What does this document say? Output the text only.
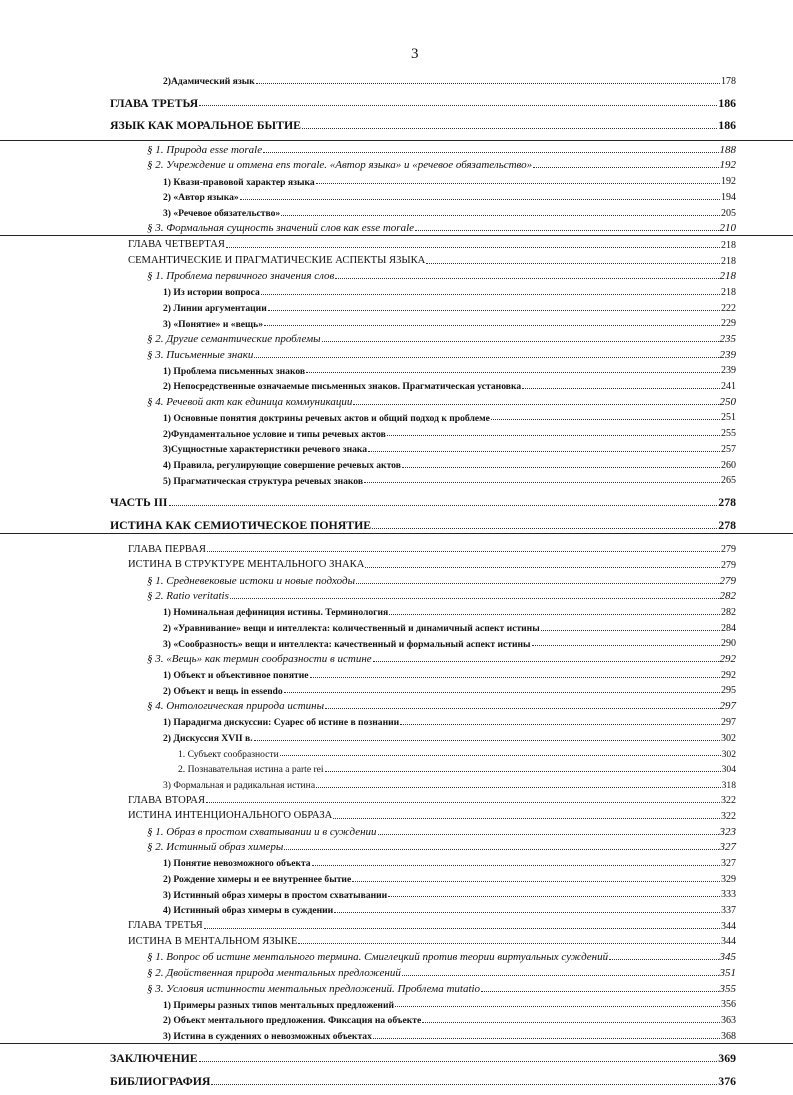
3
2)Адамический язык	178
ГЛАВА ТРЕТЬЯ	186
ЯЗЫК КАК МОРАЛЬНОЕ БЫТИЕ	186
§ 1. Природа esse morale	188
§ 2. Учреждение и отмена ens morale. «Автор языка» и «речевое обязательство»	192
1) Квази-правовой характер языка	192
2) «Автор языка»	194
3) «Речевое обязательство»	205
§ 3. Формальная сущность значений слов как esse morale	210
ГЛАВА ЧЕТВЕРТАЯ	218
СЕМАНТИЧЕСКИЕ И ПРАГМАТИЧЕСКИЕ АСПЕКТЫ ЯЗЫКА	218
§ 1. Проблема первичного значения слов	218
1) Из истории вопроса	218
2) Линии аргументации	222
3) «Понятие» и «вещь»	229
§ 2. Другие семантические проблемы	235
§ 3. Письменные знаки	239
1) Проблема письменных знаков	239
2) Непосредственные означаемые письменных знаков. Прагматическая установка	241
§ 4. Речевой акт как единица коммуникации	250
1) Основные понятия доктрины речевых актов и общий подход к проблеме	251
2)Фундаментальное условие и типы речевых актов	255
3)Сущностные характеристики речевого знака	257
4) Правила, регулирующие совершение речевых актов	260
5) Прагматическая структура речевых знаков	265
ЧАСТЬ III	278
ИСТИНА КАК СЕМИОТИЧЕСКОЕ ПОНЯТИЕ	278
ГЛАВА ПЕРВАЯ	279
ИСТИНА В СТРУКТУРЕ МЕНТАЛЬНОГО ЗНАКА	279
§ 1. Средневековые истоки и новые подходы	279
§ 2. Ratio veritatis	282
1) Номинальная дефиниция истины. Терминология	282
2) «Уравнивание» вещи и интеллекта: количественный и динамичный аспект истины	284
3) «Сообразность» вещи и интеллекта: качественный и формальный аспект истины	290
§ 3. «Вещь» как термин сообразности в истине	292
1) Объект и объективное понятие	292
2) Объект и вещь in essendo	295
§ 4. Онтологическая природа истины	297
1) Парадигма дискуссии: Суарес об истине в познании	297
2) Дискуссия XVII в.	302
1. Субъект сообразности	302
2. Познавательная истина a parte rei	304
3) Формальная и радикальная истина	318
ГЛАВА ВТОРАЯ	322
ИСТИНА ИНТЕНЦИОНАЛЬНОГО ОБРАЗА	322
§ 1. Образ в простом схватывании и в суждении	323
§ 2. Истинный образ химеры	327
1) Понятие невозможного объекта	327
2) Рождение химеры и ее внутреннее бытие	329
3) Истинный образ химеры в простом схватывании	333
4) Истинный образ химеры в суждении	337
ГЛАВА ТРЕТЬЯ	344
ИСТИНА В МЕНТАЛЬНОМ ЯЗЫКЕ	344
§ 1. Вопрос об истине ментального термина. Смиглецкий против теории виртуальных суждений	345
§ 2. Двойственная природа ментальных предложений	351
§ 3. Условия истинности ментальных предложений. Проблема mutatio	355
1) Примеры разных типов ментальных предложений	356
2) Объект ментального предложения. Фиксация на объекте	363
3) Истина в суждениях о невозможных объектах	368
ЗАКЛЮЧЕНИЕ	369
БИБЛИОГРАФИЯ	376
